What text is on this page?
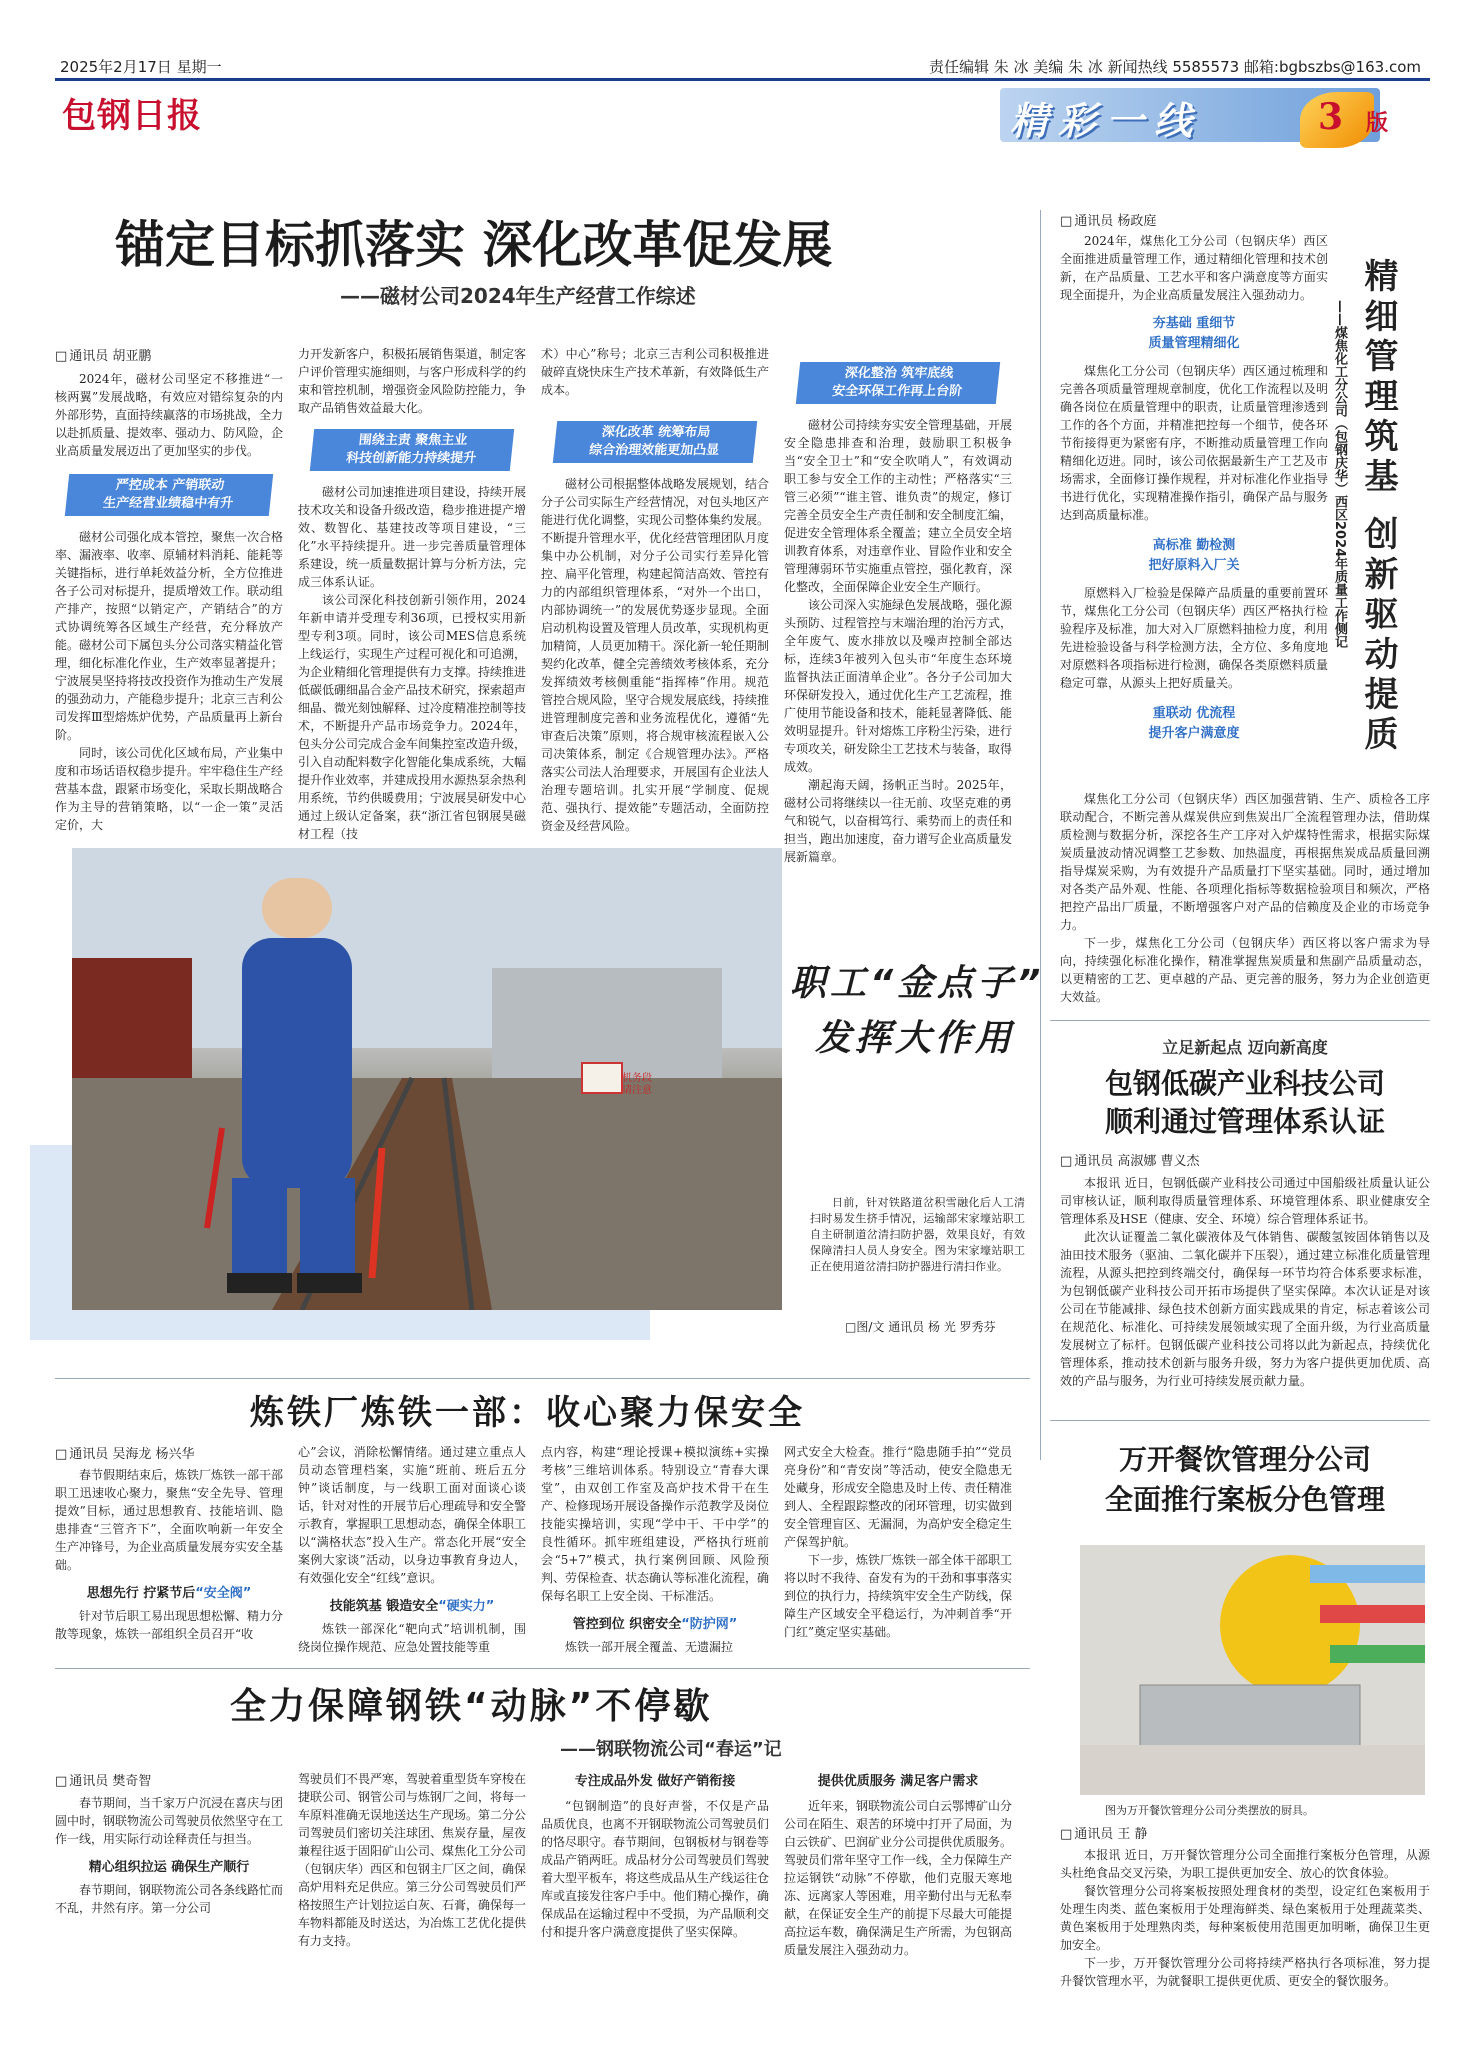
2025年2月17日 星期一	责任编辑 朱 冰 美编 朱 冰 新闻热线 5585573 邮箱:bgbszbs@163.com
包钢日报	精彩一线	3 版
锚定目标抓落实 深化改革促发展
——磁材公司2024年生产经营工作综述
□ 通讯员 胡亚鹏

2024年，磁材公司坚定不移推进“一核两翼”发展战略，有效应对错综复杂的内外部形势，直面持续赢落的市场挑战，全力以赴抓质量、提效率、强动力、防风险，企业高质量发展迈出了更加坚实的步伐。

严控成本 产销联动
生产经营业绩稳中有升

磁材公司强化成本管控，聚焦一次合格率、漏液率、收率、原辅材料消耗、能耗等关键指标，进行单耗效益分析，全方位推进各子公司对标提升，提质增效工作。联动组产排产，按照“以销定产，产销结合”的方式协调统筹各区域生产经营，充分释放产能。磁材公司下属包头分公司落实精益化管理，细化标准化作业，生产效率显著提升；宁波展昊坚持将技改投资作为推动生产发展的强劲动力，产能稳步提升；北京三吉利公司发挥Ⅲ型熔炼炉优势，产品质量再上新台阶。

同时，该公司优化区域布局，产业集中度和市场话语权稳步提升。牢牢稳住生产经营基本盘，跟紧市场变化，采取长期战略合作为主导的营销策略，以“一企一策”灵活定价，大

力开发新客户，积极拓展销售渠道，制定客户评价管理实施细则，与客户形成科学的约束和管控机制，增强资金风险防控能力，争取产品销售效益最大化。

围绕主责 聚焦主业
科技创新能力持续提升

磁材公司加速推进项目建设，持续开展技术攻关和设备升级改造，稳步推进提产增效、数智化、基建技改等项目建设，“三化”水平持续提升。进一步完善质量管理体系建设，统一质量数据计算与分析方法，完成三体系认证。

该公司深化科技创新引领作用，2024年新申请并受理专利36项，已授权实用新型专利3项。同时，该公司MES信息系统上线运行，实现生产过程可视化和可追溯，为企业精细化管理提供有力支撑。持续推进低碳低硼细晶合金产品技术研究，探索超声细晶、微光刻蚀解释、过冷度精准控制等技术，不断提升产品市场竞争力。2024年，包头分公司完成合金车间集控室改造升级，引入自动配料数字化智能化集成系统，大幅提升作业效率，并建成投用水源热泵余热利用系统，节约供暖费用；宁波展昊研发中心通过上级认定备案，获“浙江省包钢展昊磁材工程（技

术）中心”称号；北京三吉利公司积极推进破碎直烧快床生产技术革新，有效降低生产成本。

深化改革 统筹布局
综合治理效能更加凸显

磁材公司根据整体战略发展规划，结合分子公司实际生产经营情况，对包头地区产能进行优化调整，实现公司整体集约发展。不断提升管理水平，优化经营管理团队月度集中办公机制，对分子公司实行差异化管控、扁平化管理，构建起简洁高效、管控有力的内部组织管理体系，“对外一个出口，内部协调统一”的发展优势逐步显现。全面启动机构设置及管理人员改革，实现机构更加精简，人员更加精干。深化新一轮任期制契约化改革，健全完善绩效考核体系，充分发挥绩效考核侧重能“指挥棒”作用。规范管控合规风险，坚守合规发展底线，持续推进管理制度完善和业务流程优化，遵循“先审查后决策”原则，将合规审核流程嵌入公司决策体系，制定《合规管理办法》。严格落实公司法人治理要求，开展国有企业法人治理专题培训。扎实开展“学制度、促规范、强执行、提效能”专题活动，全面防控资金及经营风险。

深化整治 筑牢底线
安全环保工作再上台阶

磁材公司持续夯实安全管理基础，开展安全隐患排查和治理，鼓励职工积极争当“安全卫士”和“安全吹哨人”，有效调动职工参与安全工作的主动性；严格落实“三管三必须”“谁主管、谁负责”的规定，修订完善全员安全生产责任制和安全制度汇编，促进安全管理体系全覆盖；建立全员安全培训教育体系，对违章作业、冒险作业和安全管理薄弱环节实施重点管控，强化教育，深化整改，全面保障企业安全生产顺行。

该公司深入实施绿色发展战略，强化源头预防、过程管控与末端治理的治污方式，全年废气、废水排放以及噪声控制全部达标，连续3年被列入包头市“年度生态环境监督执法正面清单企业”。各分子公司加大环保研发投入，通过优化生产工艺流程，推广使用节能设备和技术，能耗显著降低、能效明显提升。针对熔炼工序粉尘污染，进行专项攻关，研发除尘工艺技术与装备，取得成效。

潮起海天阔，扬帆正当时。2025年，磁材公司将继续以一往无前、攻坚克难的勇气和锐气，以奋楫笃行、乘势而上的责任和担当，跑出加速度，奋力谱写企业高质量发展新篇章。

□ 通讯员 杨政庭

2024年，煤焦化工分公司（包钢庆华）西区全面推进质量管理工作，通过精细化管理和技术创新，在产品质量、工艺水平和客户满意度等方面实现全面提升，为企业高质量发展注入强劲动力。

夯基础 重细节
质量管理精细化

煤焦化工分公司（包钢庆华）西区通过梳理和完善各项质量管理规章制度，优化工作流程以及明确各岗位在质量管理中的职责，让质量管理渗透到工作的各个方面，并精准把控每一个细节，使各环节衔接得更为紧密有序，不断推动质量管理工作向精细化迈进。同时，该公司依据最新生产工艺及市场需求，全面修订操作规程，并对标准化作业指导书进行优化，实现精准操作指引，确保产品与服务达到高质量标准。

高标准 勤检测
把好原料入厂关

原燃料入厂检验是保障产品质量的重要前置环节，煤焦化工分公司（包钢庆华）西区严格执行检验程序及标准，加大对入厂原燃料抽检力度，利用先进检验设备与科学检测方法，全方位、多角度地对原燃料各项指标进行检测，确保各类原燃料质量稳定可靠，从源头上把好质量关。

重联动 优流程
提升客户满意度	精细管理筑基 创新驱动提质
——煤焦化工分公司（包钢庆华）西区2024年质量工作侧记

煤焦化工分公司（包钢庆华）西区加强营销、生产、质检各工序联动配合，不断完善从煤炭供应到焦炭出厂全流程管理办法，借助煤质检测与数据分析，深挖各生产工序对入炉煤特性需求，根据实际煤炭质量波动情况调整工艺参数、加热温度，再根据焦炭成品质量回溯指导煤炭采购，为有效提升产品质量打下坚实基础。同时，通过增加对各类产品外观、性能、各项理化指标等数据检验项目和频次，严格把控产品出厂质量，不断增强客户对产品的信赖度及企业的市场竞争力。

下一步，煤焦化工分公司（包钢庆华）西区将以客户需求为导向，持续强化标准化操作，精准掌握焦炭质量和焦副产品质量动态，以更精密的工艺、更卓越的产品、更完善的服务，努力为企业创造更大效益。

立足新起点 迈向新高度
包钢低碳产业科技公司
顺利通过管理体系认证
□ 通讯员 高淑娜 曹义杰

本报讯 近日，包钢低碳产业科技公司通过中国船级社质量认证公司审核认证，顺利取得质量管理体系、环境管理体系、职业健康安全管理体系及HSE（健康、安全、环境）综合管理体系证书。

此次认证覆盖二氧化碳液体及气体销售、碳酸氢铵固体销售以及油田技术服务（驱油、二氧化碳并下压裂），通过建立标准化质量管理流程，从源头把控到终端交付，确保每一环节均符合体系要求标准，为包钢低碳产业科技公司开拓市场提供了坚实保障。本次认证是对该公司在节能减排、绿色技术创新方面实践成果的肯定，标志着该公司在规范化、标准化、可持续发展领域实现了全面升级，为行业高质量发展树立了标杆。包钢低碳产业科技公司将以此为新起点，持续优化管理体系，推动技术创新与服务升级，努力为客户提供更加优质、高效的产品与服务，为行业可持续发展贡献力量。

机务段
请注意
职工“金点子”
发挥大作用
日前，针对铁路道岔积雪融化后人工清扫时易发生挤手情况，运输部宋家壕站职工自主研制道岔清扫防护器，效果良好，有效保障清扫人员人身安全。图为宋家壕站职工正在使用道岔清扫防护器进行清扫作业。
□图/文 通讯员 杨 光 罗秀芬
炼铁厂炼铁一部：收心聚力保安全
□ 通讯员 吴海龙 杨兴华

春节假期结束后，炼铁厂炼铁一部干部职工迅速收心聚力，聚焦“安全先导、管理提效”目标，通过思想教育、技能培训、隐患排查“三管齐下”，全面吹响新一年安全生产冲锋号，为企业高质量发展夯实安全基础。

思想先行 拧紧节后“安全阀”

针对节后职工易出现思想松懈、精力分散等现象，炼铁一部组织全员召开“收

心”会议，消除松懈情绪。通过建立重点人员动态管理档案，实施“班前、班后五分钟”谈话制度，与一线职工面对面谈心谈话，针对对性的开展节后心理疏导和安全警示教育，掌握职工思想动态，确保全体职工以“满格状态”投入生产。常态化开展“安全案例大家谈”活动，以身边事教育身边人，有效强化安全“红线”意识。

技能筑基 锻造安全“硬实力”

炼铁一部深化“靶向式”培训机制，围绕岗位操作规范、应急处置技能等重

点内容，构建“理论授课+模拟演练+实操考核”三维培训体系。特别设立“青春大课堂”，由双创工作室及高炉技术骨干在生产、检修现场开展设备操作示范教学及岗位技能实操培训，实现“学中干、干中学”的良性循环。抓牢班组建设，严格执行班前会“5+7”模式，执行案例回顾、风险预判、劳保检查、状态确认等标准化流程，确保每名职工上安全岗、干标准活。

管控到位 织密安全“防护网”

炼铁一部开展全覆盖、无遗漏拉

网式安全大检查。推行“隐患随手拍”“党员亮身份”和“青安岗”等活动，使安全隐患无处藏身，形成安全隐患及时上传、责任精准到人、全程跟踪整改的闭环管理，切实做到安全管理盲区、无漏洞，为高炉安全稳定生产保驾护航。

下一步，炼铁厂炼铁一部全体干部职工将以时不我待、奋发有为的干劲和事事落实到位的执行力，持续筑牢安全生产防线，保障生产区域安全平稳运行，为冲刺首季“开门红”奠定坚实基础。

全力保障钢铁“动脉”不停歇
——钢联物流公司“春运”记
□ 通讯员 樊奇智

春节期间，当千家万户沉浸在喜庆与团圆中时，钢联物流公司驾驶员依然坚守在工作一线，用实际行动诠释责任与担当。

精心组织拉运 确保生产顺行

春节期间，钢联物流公司各条线路忙而不乱，井然有序。第一分公司

驾驶员们不畏严寒，驾驶着重型货车穿梭在捷联公司、钢管公司与炼钢厂之间，将每一车原料准确无误地送达生产现场。第二分公司驾驶员们密切关注球团、焦炭存量，屋夜兼程往返于固阳矿山公司、煤焦化工分公司（包钢庆华）西区和包钢主厂区之间，确保高炉用料充足供应。第三分公司驾驶员们严格按照生产计划拉运白灰、石膏，确保每一车物料都能及时送达，为冶炼工艺优化提供有力支持。

专注成品外发 做好产销衔接

“包钢制造”的良好声誉，不仅是产品品质优良，也离不开钢联物流公司驾驶员们的恪尽职守。春节期间，包钢板材与钢卷等成品产销两旺。成品材分公司驾驶员们驾驶着大型平板车，将这些成品从生产线运往仓库或直接发往客户手中。他们精心操作，确保成品在运输过程中不受损，为产品顺利交付和提升客户满意度提供了坚实保障。

提供优质服务 满足客户需求

近年来，钢联物流公司白云鄂博矿山分公司在陌生、艰苦的环境中打开了局面，为白云铁矿、巴润矿业分公司提供优质服务。驾驶员们常年坚守工作一线，全力保障生产拉运钢铁“动脉”不停歇，他们克服天寒地冻、远离家人等困难，用辛勤付出与无私奉献，在保证安全生产的前提下尽最大可能提高拉运车数，确保满足生产所需，为包钢高质量发展注入强劲动力。

万开餐饮管理分公司
全面推行案板分色管理
图为万开餐饮管理分公司分类摆放的厨具。
□ 通讯员 王 静

本报讯 近日，万开餐饮管理分公司全面推行案板分色管理，从源头杜绝食品交叉污染，为职工提供更加安全、放心的饮食体验。

餐饮管理分公司将案板按照处理食材的类型，设定红色案板用于处理生肉类、蓝色案板用于处理海鲜类、绿色案板用于处理蔬菜类、黄色案板用于处理熟肉类，每种案板使用范围更加明晰，确保卫生更加安全。

下一步，万开餐饮管理分公司将持续严格执行各项标准，努力提升餐饮管理水平，为就餐职工提供更优质、更安全的餐饮服务。
